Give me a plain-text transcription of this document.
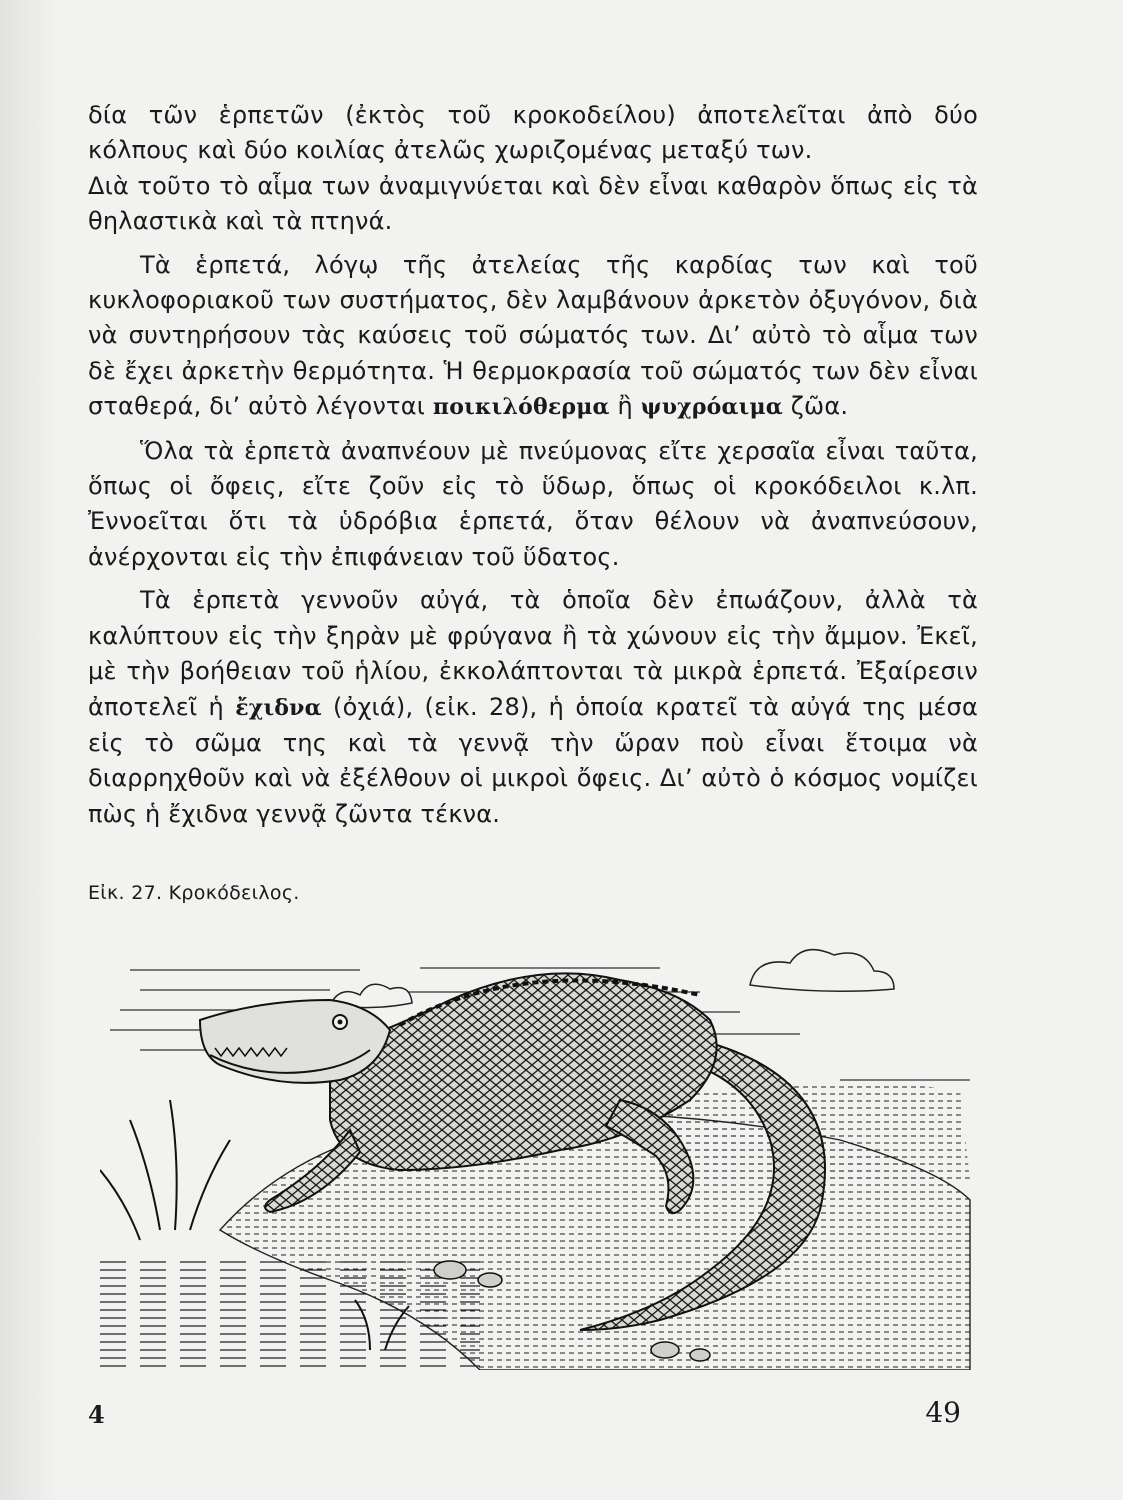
δία τῶν ἑρπετῶν (ἐκτὸς τοῦ κροκοδείλου) ἀποτελεῖται ἀπὸ δύο κόλπους καὶ δύο κοιλίας ἀτελῶς χωριζομένας μεταξύ των.

Διὰ τοῦτο τὸ αἷμα των ἀναμιγνύεται καὶ δὲν εἶναι καθαρὸν ὅπως εἰς τὰ θηλαστικὰ καὶ τὰ πτηνά.

Τὰ ἑρπετά, λόγῳ τῆς ἀτελείας τῆς καρδίας των καὶ τοῦ κυκλοφοριακοῦ των συστήματος, δὲν λαμβάνουν ἀρκετὸν ὀξυγόνον, διὰ νὰ συντηρήσουν τὰς καύσεις τοῦ σώματός των. Δι’ αὐτὸ τὸ αἷμα των δὲ ἔχει ἀρκετὴν θερμότητα. Ἡ θερμοκρασία τοῦ σώματός των δὲν εἶναι σταθερά, δι’ αὐτὸ λέγονται ποικιλόθερμα ἢ ψυχρόαιμα ζῶα.

Ὅλα τὰ ἑρπετὰ ἀναπνέουν μὲ πνεύμονας εἴτε χερσαῖα εἶναι ταῦτα, ὅπως οἱ ὄφεις, εἴτε ζοῦν εἰς τὸ ὕδωρ, ὅπως οἱ κροκόδειλοι κ.λπ. Ἐννοεῖται ὅτι τὰ ὑδρόβια ἑρπετά, ὅταν θέλουν νὰ ἀναπνεύσουν, ἀνέρχονται εἰς τὴν ἐπιφάνειαν τοῦ ὕδατος.

Τὰ ἑρπετὰ γεννοῦν αὐγά, τὰ ὁποῖα δὲν ἐπωάζουν, ἀλλὰ τὰ καλύπτουν εἰς τὴν ξηρὰν μὲ φρύγανα ἢ τὰ χώνουν εἰς τὴν ἄμμον. Ἐκεῖ, μὲ τὴν βοήθειαν τοῦ ἡλίου, ἐκκολάπτονται τὰ μικρὰ ἑρπετά. Ἐξαίρεσιν ἀποτελεῖ ἡ ἔχιδνα (ὀχιά), (εἰκ. 28), ἡ ὁποία κρατεῖ τὰ αὐγά της μέσα εἰς τὸ σῶμα της καὶ τὰ γεννᾷ τὴν ὥραν ποὺ εἶναι ἕτοιμα νὰ διαρρηχθοῦν καὶ νὰ ἐξέλθουν οἱ μικροὶ ὄφεις. Δι’ αὐτὸ ὁ κόσμος νομίζει πὼς ἡ ἔχιδνα γεννᾷ ζῶντα τέκνα.

Εἰκ. 27. Κροκόδειλος.
4	49
